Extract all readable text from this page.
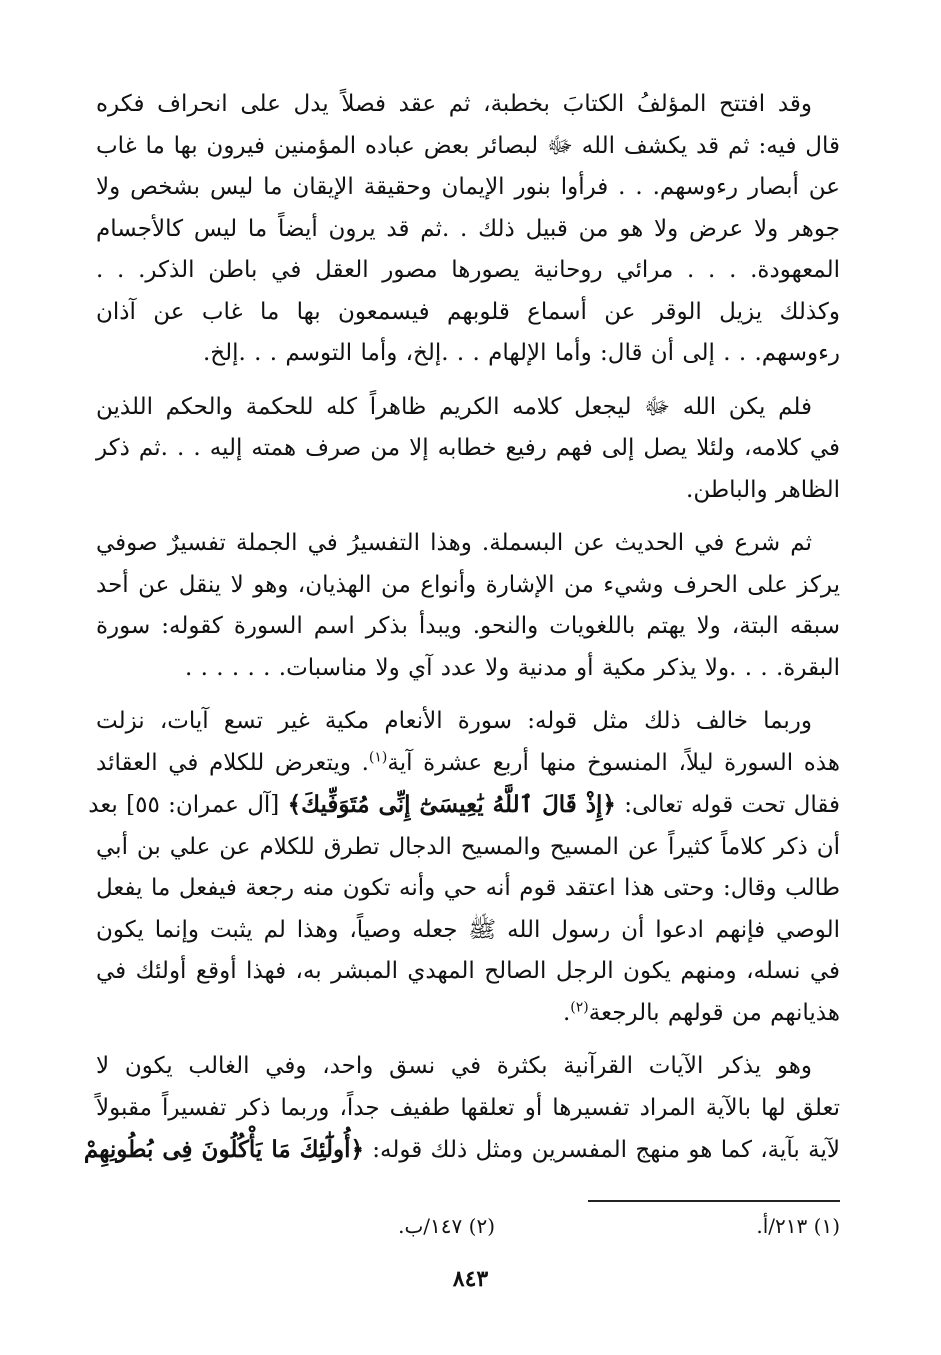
وقد افتتح المؤلفُ الكتابَ بخطبة، ثم عقد فصلاً يدل على انحراف فكره
قال فيه: ثم قد يكشف الله ﷻ لبصائر بعض عباده المؤمنين فيرون بها ما غاب
عن أبصار رءوسهم. . . فرأوا بنور الإيمان وحقيقة الإيقان ما ليس بشخص ولا
جوهر ولا عرض ولا هو من قبيل ذلك . .ثم قد يرون أيضاً ما ليس كالأجسام
المعهودة. . . . مرائي روحانية يصورها مصور العقل في باطن الذكر. . .
وكذلك يزيل الوقر عن أسماع قلوبهم فيسمعون بها ما غاب عن آذان
رءوسهم. . . إلى أن قال: وأما الإلهام . . .إلخ، وأما التوسم . . .إلخ.

فلم يكن الله ﷻ ليجعل كلامه الكريم ظاهراً كله للحكمة والحكم اللذين
في كلامه، ولئلا يصل إلى فهم رفيع خطابه إلا من صرف همته إليه . . .ثم ذكر
الظاهر والباطن.

ثم شرع في الحديث عن البسملة. وهذا التفسيرُ في الجملة تفسيرٌ صوفي
يركز على الحرف وشيء من الإشارة وأنواع من الهذيان، وهو لا ينقل عن أحد
سبقه البتة، ولا يهتم باللغويات والنحو. ويبدأ بذكر اسم السورة كقوله: سورة
البقرة. . . .ولا يذكر مكية أو مدنية ولا عدد آي ولا مناسبات. . . . . . .

وربما خالف ذلك مثل قوله: سورة الأنعام مكية غير تسع آيات، نزلت
هذه السورة ليلاً، المنسوخ منها أربع عشرة آية$^{(١)}$. ويتعرض للكلام في العقائد
فقال تحت قوله تعالى: ﴿إِذْ قَالَ ٱللَّهُ يَٰعِيسَىٰٓ إِنِّى مُتَوَفِّيكَ﴾ [آل عمران: ٥٥] بعد
أن ذكر كلاماً كثيراً عن المسيح والمسيح الدجال تطرق للكلام عن علي بن أبي
طالب وقال: وحتى هذا اعتقد قوم أنه حي وأنه تكون منه رجعة فيفعل ما يفعل
الوصي فإنهم ادعوا أن رسول الله ﷺ جعله وصياً، وهذا لم يثبت وإنما يكون
في نسله، ومنهم يكون الرجل الصالح المهدي المبشر به، فهذا أوقع أولئك في
هذيانهم من قولهم بالرجعة$^{(٢)}$.

وهو يذكر الآيات القرآنية بكثرة في نسق واحد، وفي الغالب يكون لا
تعلق لها بالآية المراد تفسيرها أو تعلقها طفيف جداً، وربما ذكر تفسيراً مقبولاً
لآية بآية، كما هو منهج المفسرين ومثل ذلك قوله: ﴿أُولَٰٓئِكَ مَا يَأْكُلُونَ فِى بُطُونِهِمْ

(١) ٢١٣/أ.
(٢) ١٤٧/ب.
٨٤٣
